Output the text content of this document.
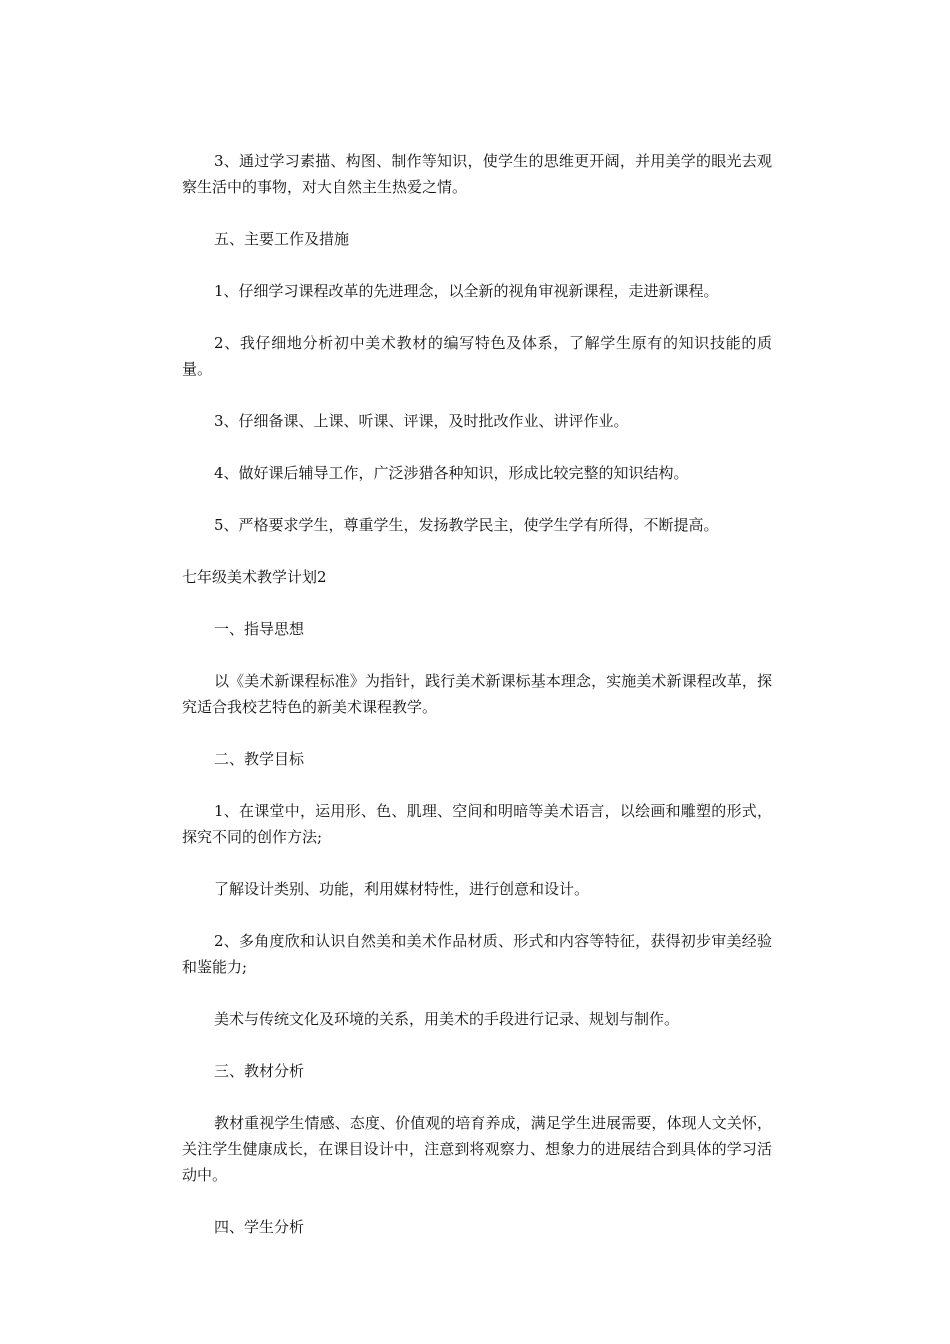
3、通过学习素描、构图、制作等知识，使学生的思维更开阔，并用美学的眼光去观察生活中的事物，对大自然主生热爱之情。

五、主要工作及措施

1、仔细学习课程改革的先进理念，以全新的视角审视新课程，走进新课程。

2、我仔细地分析初中美术教材的编写特色及体系，了解学生原有的知识技能的质量。

3、仔细备课、上课、听课、评课，及时批改作业、讲评作业。

4、做好课后辅导工作，广泛涉猎各种知识，形成比较完整的知识结构。

5、严格要求学生，尊重学生，发扬教学民主，使学生学有所得，不断提高。

七年级美术教学计划2

一、指导思想

以《美术新课程标准》为指针，践行美术新课标基本理念，实施美术新课程改革，探究适合我校艺特色的新美术课程教学。

二、教学目标

1、在课堂中，运用形、色、肌理、空间和明暗等美术语言，以绘画和雕塑的形式，探究不同的创作方法;

了解设计类别、功能，利用媒材特性，进行创意和设计。

2、多角度欣和认识自然美和美术作品材质、形式和内容等特征，获得初步审美经验和鉴能力;

美术与传统文化及环境的关系，用美术的手段进行记录、规划与制作。

三、教材分析

教材重视学生情感、态度、价值观的培育养成，满足学生进展需要，体现人文关怀，关注学生健康成长，在课目设计中，注意到将观察力、想象力的进展结合到具体的学习活动中。

四、学生分析
